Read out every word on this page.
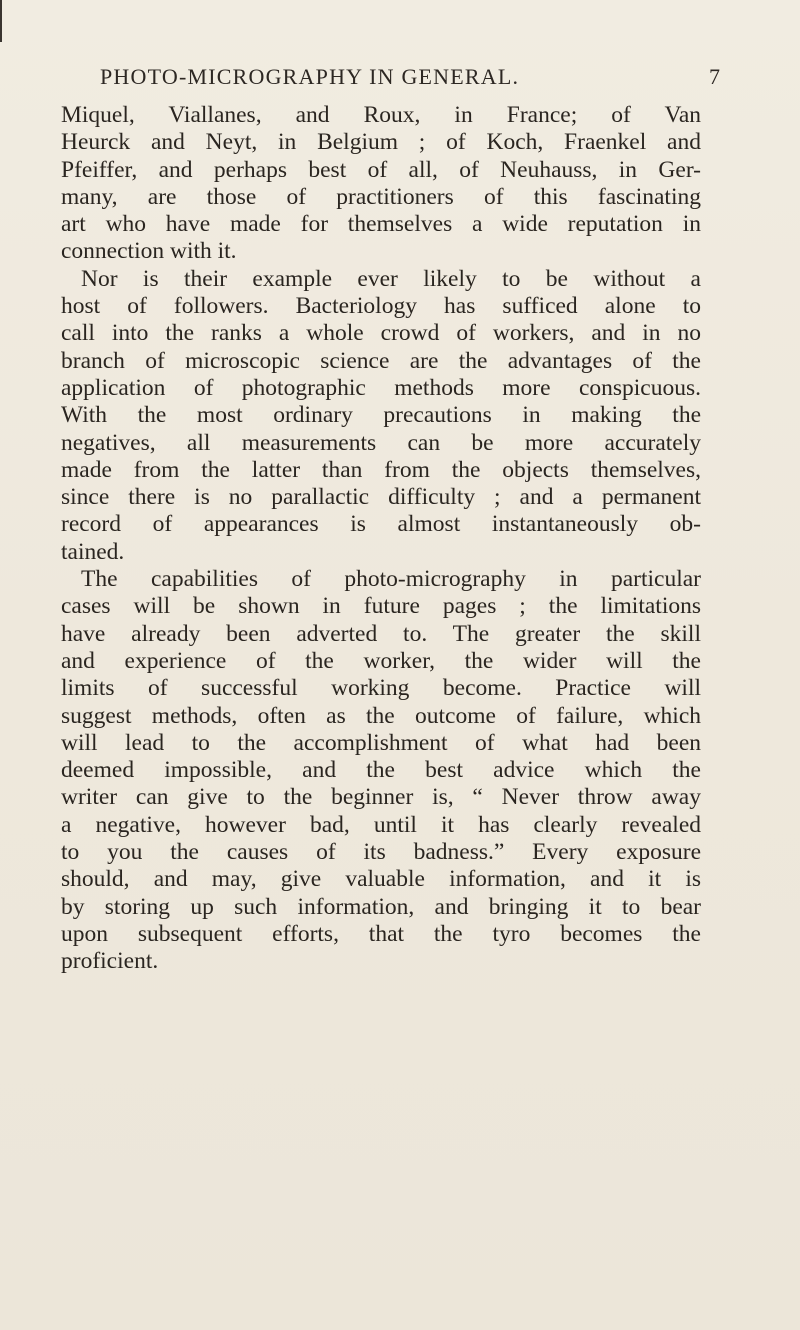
PHOTO-MICROGRAPHY IN GENERAL.	7
Miquel, Viallanes, and Roux, in France; of Van
Heurck and Neyt, in Belgium ; of Koch, Fraenkel and
Pfeiffer, and perhaps best of all, of Neuhauss, in Ger-
many, are those of practitioners of this fascinating
art who have made for themselves a wide reputation in
connection with it.
Nor is their example ever likely to be without a
host of followers. Bacteriology has sufficed alone to
call into the ranks a whole crowd of workers, and in no
branch of microscopic science are the advantages of the
application of photographic methods more conspicuous.
With the most ordinary precautions in making the
negatives, all measurements can be more accurately
made from the latter than from the objects themselves,
since there is no parallactic difficulty ; and a permanent
record of appearances is almost instantaneously ob-
tained.
The capabilities of photo-micrography in particular
cases will be shown in future pages ; the limitations
have already been adverted to. The greater the skill
and experience of the worker, the wider will the
limits of successful working become. Practice will
suggest methods, often as the outcome of failure, which
will lead to the accomplishment of what had been
deemed impossible, and the best advice which the
writer can give to the beginner is, “ Never throw away
a negative, however bad, until it has clearly revealed
to you the causes of its badness.” Every exposure
should, and may, give valuable information, and it is
by storing up such information, and bringing it to bear
upon subsequent efforts, that the tyro becomes the
proficient.
